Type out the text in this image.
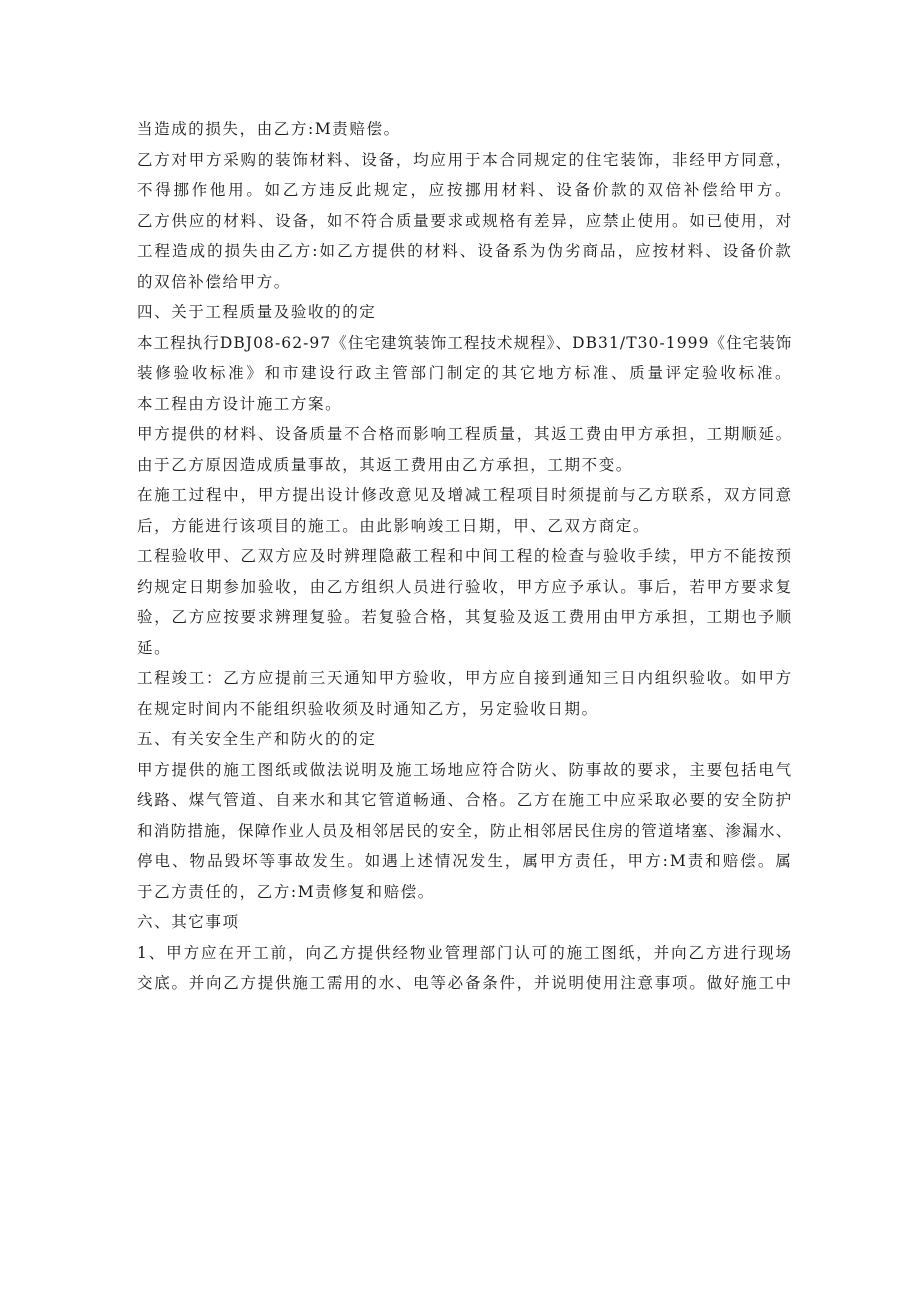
当造成的损失，由乙方:M责赔偿。
乙方对甲方采购的装饰材料、设备，均应用于本合同规定的住宅装饰，非经甲方同意，
不得挪作他用。如乙方违反此规定，应按挪用材料、设备价款的双倍补偿给甲方。
乙方供应的材料、设备，如不符合质量要求或规格有差异，应禁止使用。如已使用，对
工程造成的损失由乙方:如乙方提供的材料、设备系为伪劣商品，应按材料、设备价款
的双倍补偿给甲方。
四、关于工程质量及验收的的定
本工程执行DBJ08-62-97《住宅建筑装饰工程技术规程》、DB31/T30-1999《住宅装饰
装修验收标准》和市建设行政主管部门制定的其它地方标准、质量评定验收标准。
本工程由方设计施工方案。
甲方提供的材料、设备质量不合格而影响工程质量，其返工费由甲方承担，工期顺延。
由于乙方原因造成质量事故，其返工费用由乙方承担，工期不变。
在施工过程中，甲方提出设计修改意见及增减工程项目时须提前与乙方联系，双方同意
后，方能进行该项目的施工。由此影响竣工日期，甲、乙双方商定。
工程验收甲、乙双方应及时辨理隐蔽工程和中间工程的检查与验收手续，甲方不能按预
约规定日期参加验收，由乙方组织人员进行验收，甲方应予承认。事后，若甲方要求复
验，乙方应按要求辨理复验。若复验合格，其复验及返工费用由甲方承担，工期也予顺
延。
工程竣工：乙方应提前三天通知甲方验收，甲方应自接到通知三日内组织验收。如甲方
在规定时间内不能组织验收须及时通知乙方，另定验收日期。
五、有关安全生产和防火的的定
甲方提供的施工图纸或做法说明及施工场地应符合防火、防事故的要求，主要包括电气
线路、煤气管道、自来水和其它管道畅通、合格。乙方在施工中应采取必要的安全防护
和消防措施，保障作业人员及相邻居民的安全，防止相邻居民住房的管道堵塞、渗漏水、
停电、物品毁坏等事故发生。如遇上述情况发生，属甲方责任，甲方:M责和赔偿。属
于乙方责任的，乙方:M责修复和赔偿。
六、其它事项
1、甲方应在开工前，向乙方提供经物业管理部门认可的施工图纸，并向乙方进行现场
交底。并向乙方提供施工需用的水、电等必备条件，并说明使用注意事项。做好施工中
